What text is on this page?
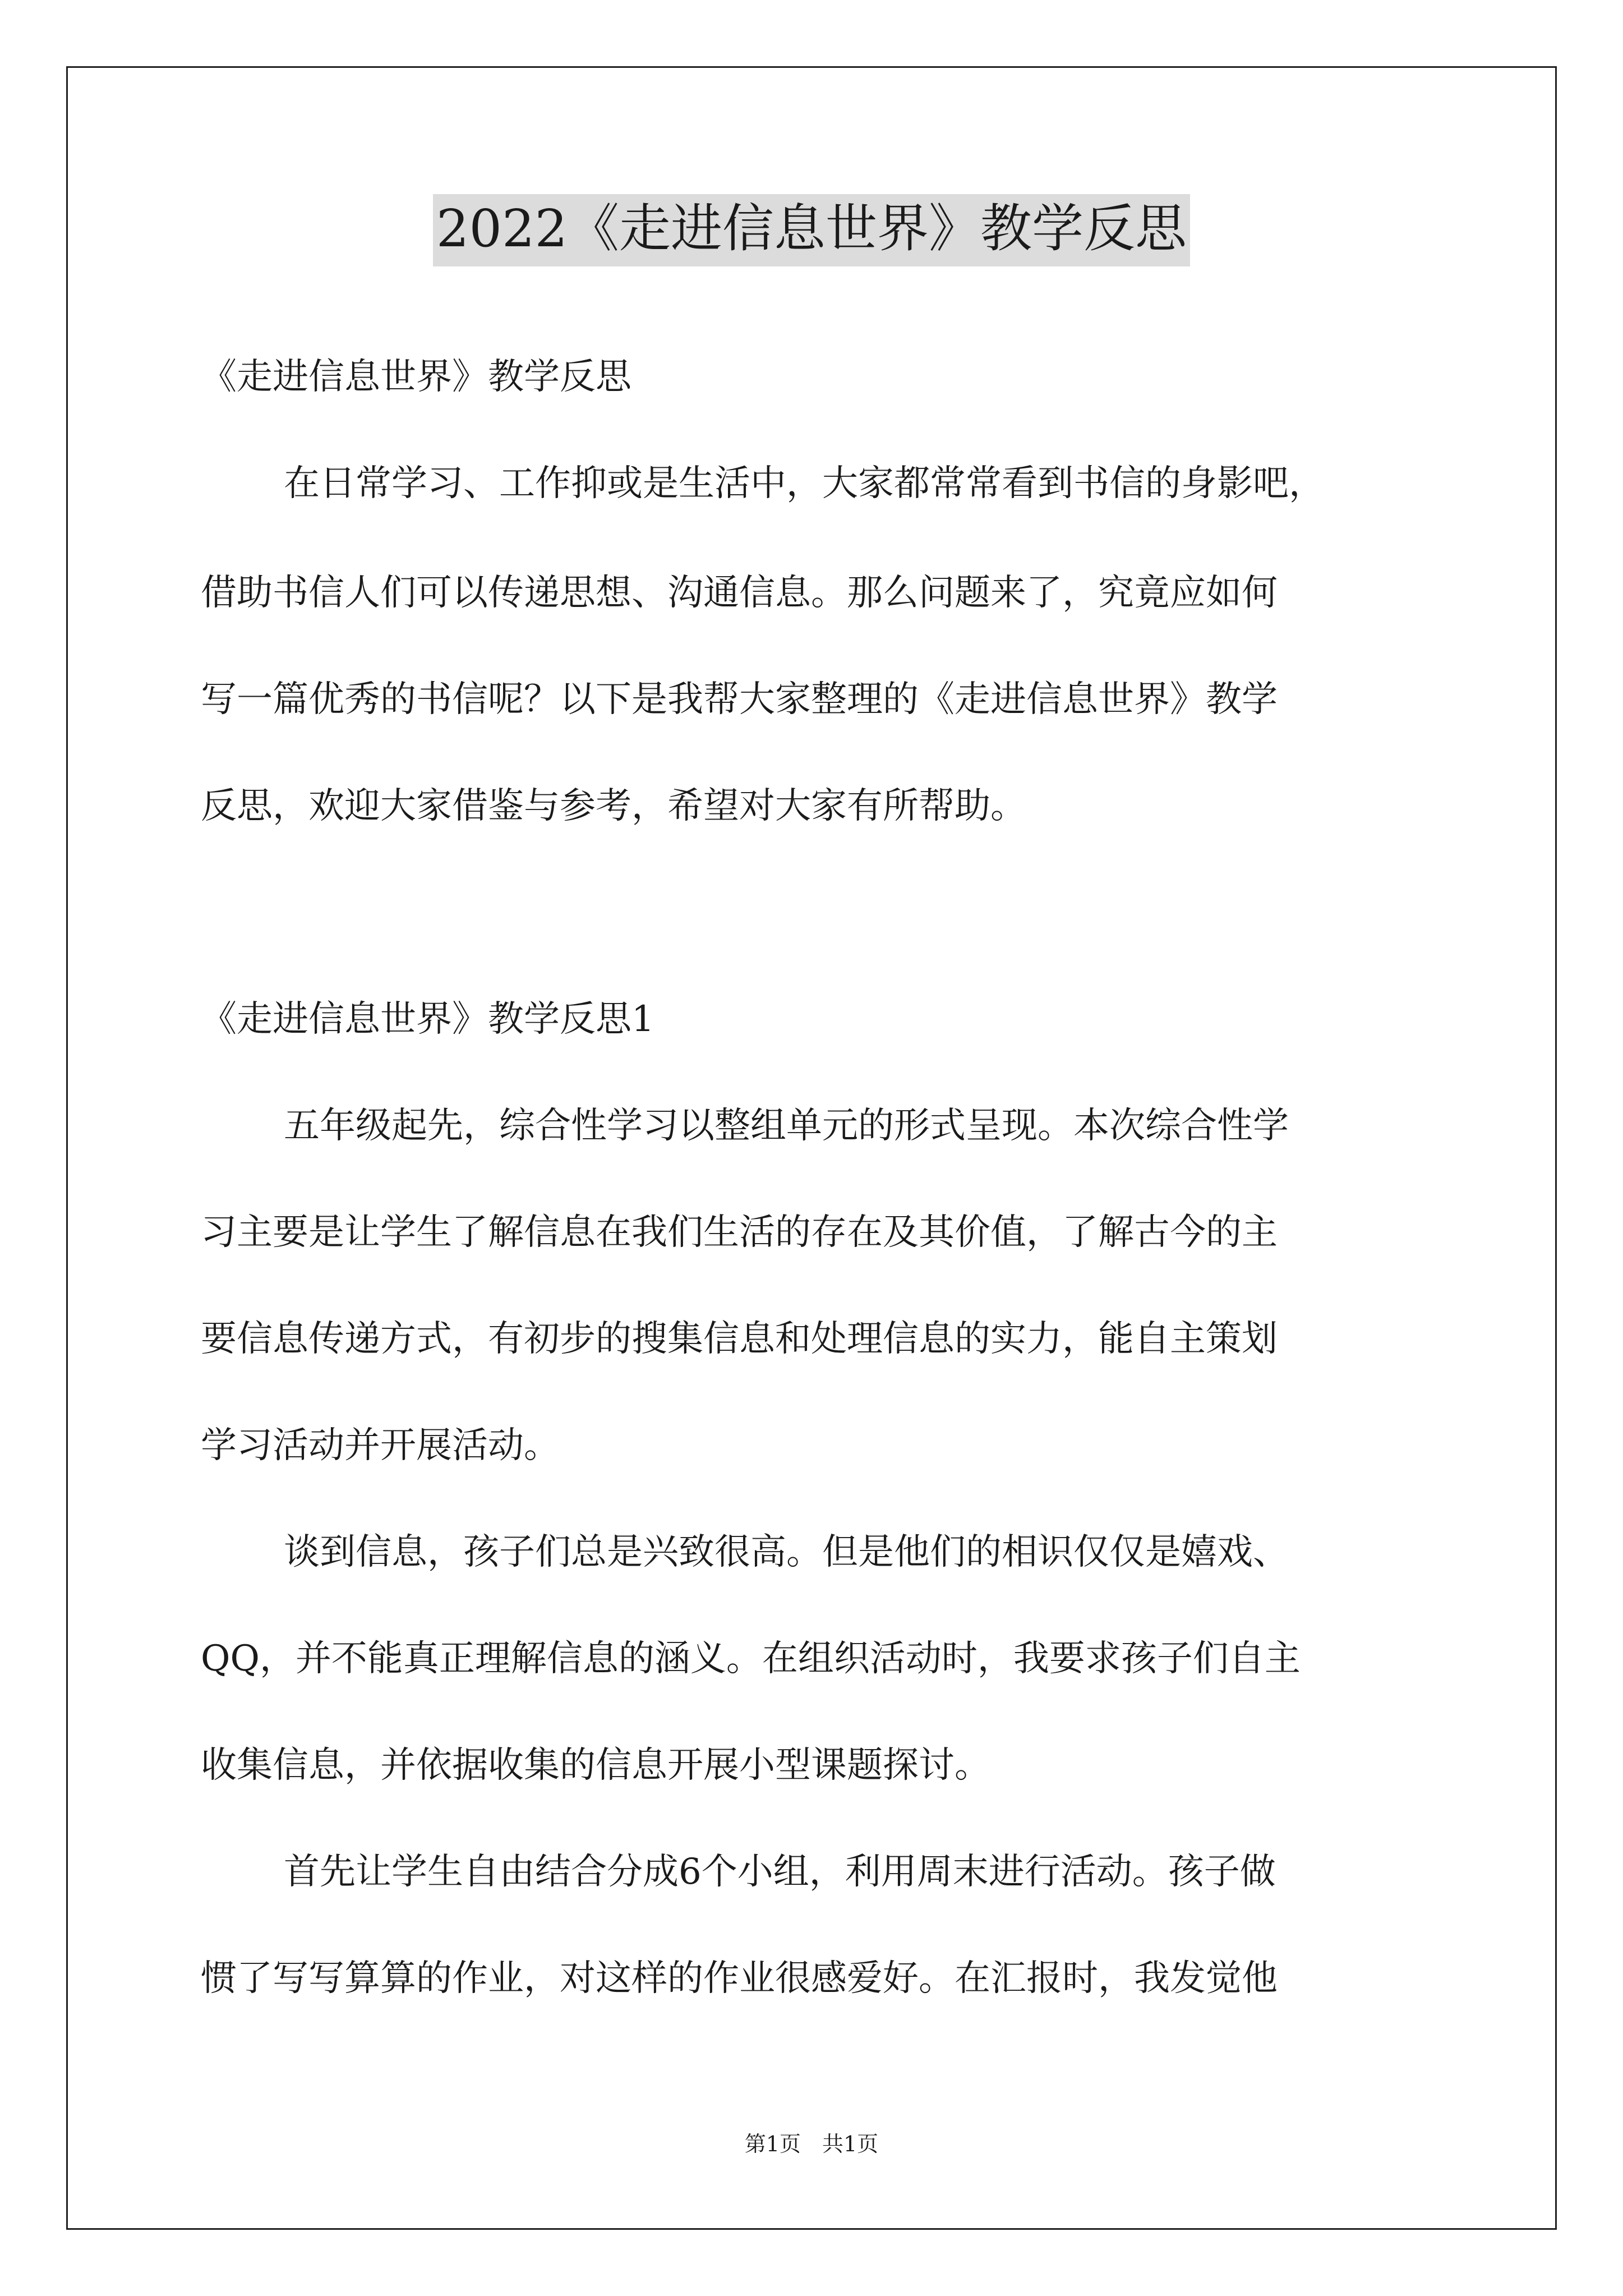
2022《走进信息世界》教学反思
《走进信息世界》教学反思
在日常学习、工作抑或是生活中，大家都常常看到书信的身影吧，
借助书信人们可以传递思想、沟通信息。那么问题来了，究竟应如何
写一篇优秀的书信呢？以下是我帮大家整理的《走进信息世界》教学
反思，欢迎大家借鉴与参考，希望对大家有所帮助。
《走进信息世界》教学反思1
五年级起先，综合性学习以整组单元的形式呈现。本次综合性学
习主要是让学生了解信息在我们生活的存在及其价值，了解古今的主
要信息传递方式，有初步的搜集信息和处理信息的实力，能自主策划
学习活动并开展活动。
谈到信息，孩子们总是兴致很高。但是他们的相识仅仅是嬉戏、
QQ，并不能真正理解信息的涵义。在组织活动时，我要求孩子们自主
收集信息，并依据收集的信息开展小型课题探讨。
首先让学生自由结合分成6个小组，利用周末进行活动。孩子做
惯了写写算算的作业，对这样的作业很感爱好。在汇报时，我发觉他
第1页　共1页
